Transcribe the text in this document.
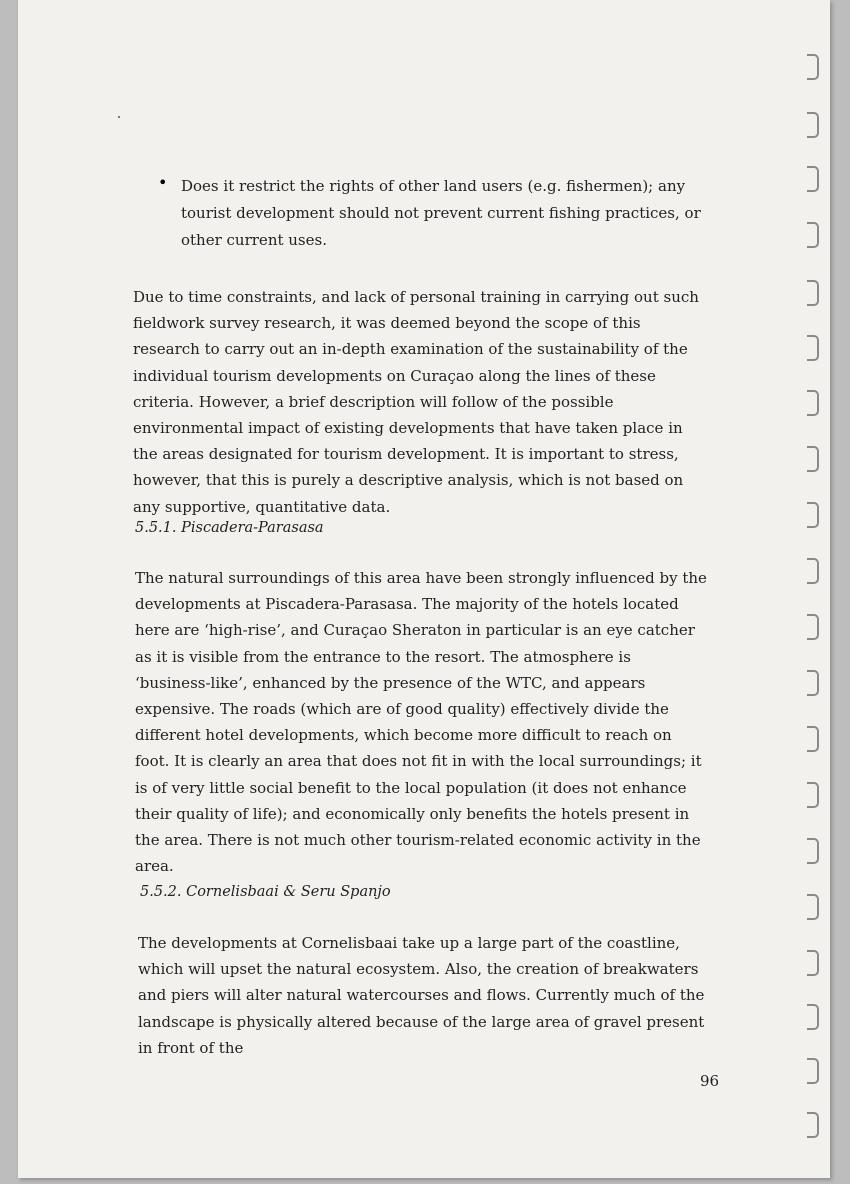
• Does it restrict the rights of other land users (e.g. fishermen); any tourist development should not prevent current fishing practices, or other current uses.
Due to time constraints, and lack of personal training in carrying out such fieldwork survey research, it was deemed beyond the scope of this research to carry out an in-depth examination of the sustainability of the individual tourism developments on Curaçao along the lines of these criteria. However, a brief description will follow of the possible environmental impact of existing developments that have taken place in the areas designated for tourism development. It is important to stress, however, that this is purely a descriptive analysis, which is not based on any supportive, quantitative data.
5.5.1. Piscadera-Parasasa
The natural surroundings of this area have been strongly influenced by the developments at Piscadera-Parasasa. The majority of the hotels located here are ‘high-rise’, and Curaçao Sheraton in particular is an eye catcher as it is visible from the entrance to the resort. The atmosphere is ‘business-like’, enhanced by the presence of the WTC, and appears expensive. The roads (which are of good quality) effectively divide the different hotel developments, which become more difficult to reach on foot. It is clearly an area that does not fit in with the local surroundings; it is of very little social benefit to the local population (it does not enhance their quality of life); and economically only benefits the hotels present in the area. There is not much other tourism-related economic activity in the area.
5.5.2. Cornelisbaai & Seru Spanjo
The developments at Cornelisbaai take up a large part of the coastline, which will upset the natural ecosystem. Also, the creation of breakwaters and piers will alter natural watercourses and flows. Currently much of the landscape is physically altered because of the large area of gravel present in front of the
96
